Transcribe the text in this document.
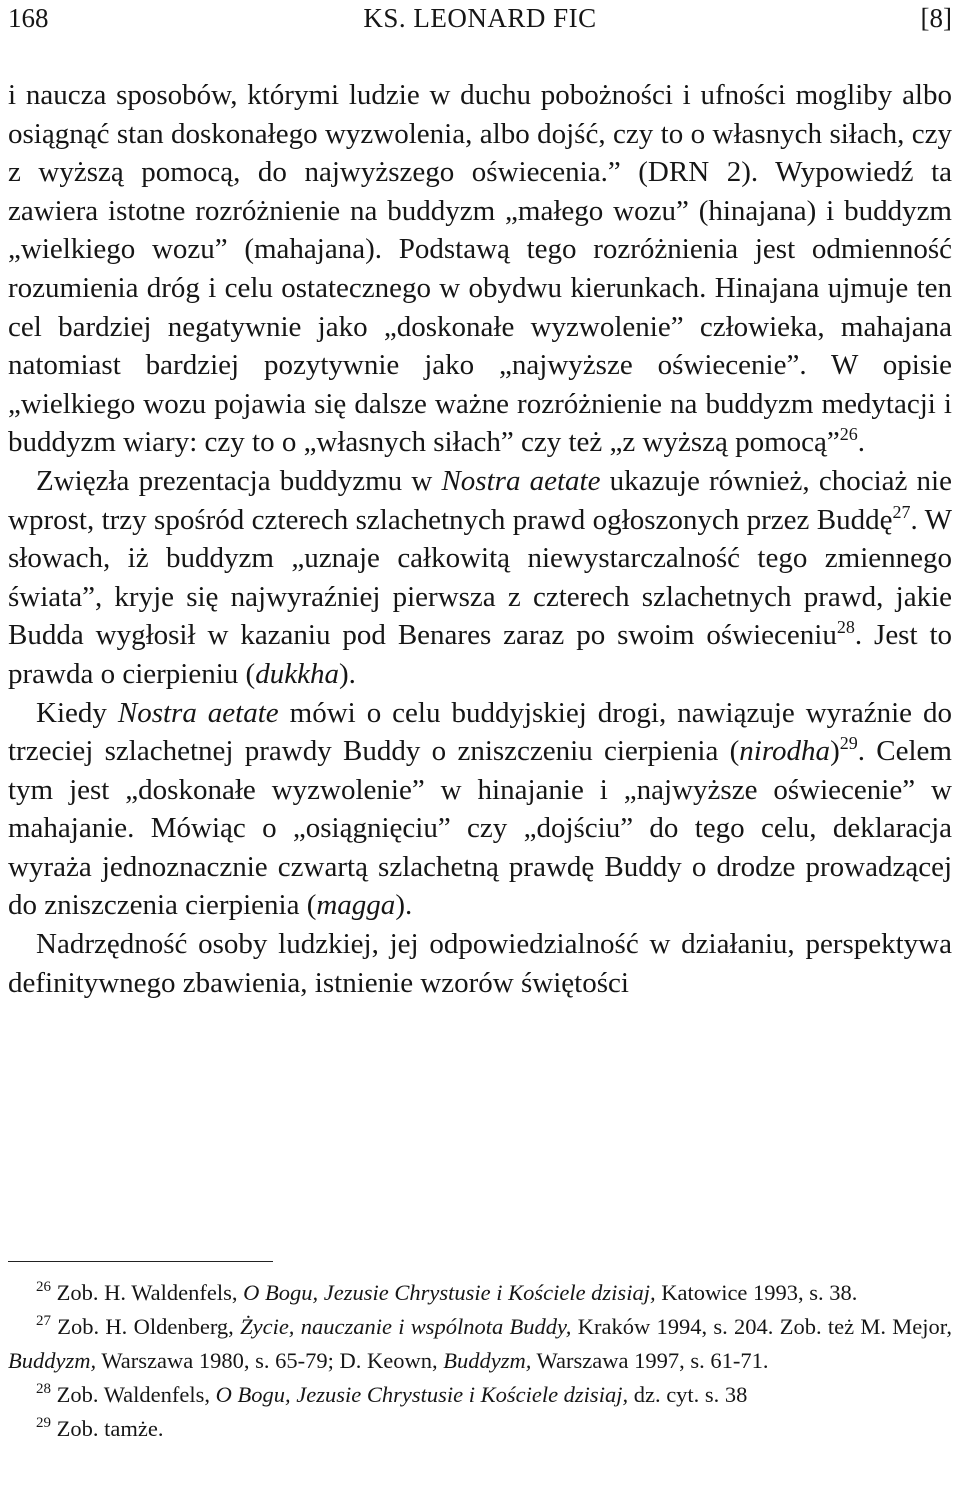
168	KS. LEONARD FIC	[8]

i naucza sposobów, którymi ludzie w duchu pobożności i ufności mogliby albo osiągnąć stan doskonałego wyzwolenia, albo dojść, czy to o własnych siłach, czy z wyższą pomocą, do najwyższego oświecenia.” (DRN 2). Wypowiedź ta zawiera istotne rozróżnienie na buddyzm „małego wozu” (hinajana) i buddyzm „wielkiego wozu” (mahajana). Podstawą tego rozróżnienia jest odmienność rozumienia dróg i celu ostatecznego w obydwu kierunkach. Hinajana ujmuje ten cel bardziej negatywnie jako „doskonałe wyzwolenie” człowieka, mahajana natomiast bardziej pozytywnie jako „najwyższe oświecenie”. W opisie „wielkiego wozu pojawia się dalsze ważne rozróżnienie na buddyzm medytacji i buddyzm wiary: czy to o „własnych siłach” czy też „z wyższą pomocą”$^{26}$.

Zwięzła prezentacja buddyzmu w Nostra aetate ukazuje również, chociaż nie wprost, trzy spośród czterech szlachetnych prawd ogłoszonych przez Buddę$^{27}$. W słowach, iż buddyzm „uznaje całkowitą niewystarczalność tego zmiennego świata”, kryje się najwyraźniej pierwsza z czterech szlachetnych prawd, jakie Budda wygłosił w kazaniu pod Benares zaraz po swoim oświeceniu$^{28}$. Jest to prawda o cierpieniu (dukkha).

Kiedy Nostra aetate mówi o celu buddyjskiej drogi, nawiązuje wyraźnie do trzeciej szlachetnej prawdy Buddy o zniszczeniu cierpienia (nirodha)$^{29}$. Celem tym jest „doskonałe wyzwolenie” w hinajanie i „najwyższe oświecenie” w mahajanie. Mówiąc o „osiągnięciu” czy „dojściu” do tego celu, deklaracja wyraża jednoznacznie czwartą szlachetną prawdę Buddy o drodze prowadzącej do zniszczenia cierpienia (magga).

Nadrzędność osoby ludzkiej, jej odpowiedzialność w działaniu, perspektywa definitywnego zbawienia, istnienie wzorów świętości

$^{26}$ Zob. H. Waldenfels, O Bogu, Jezusie Chrystusie i Kościele dzisiaj, Katowice 1993, s. 38.

$^{27}$ Zob. H. Oldenberg, Życie, nauczanie i wspólnota Buddy, Kraków 1994, s. 204. Zob. też M. Mejor, Buddyzm, Warszawa 1980, s. 65-79; D. Keown, Buddyzm, Warszawa 1997, s. 61-71.

$^{28}$ Zob. Waldenfels, O Bogu, Jezusie Chrystusie i Kościele dzisiaj, dz. cyt. s. 38

$^{29}$ Zob. tamże.
